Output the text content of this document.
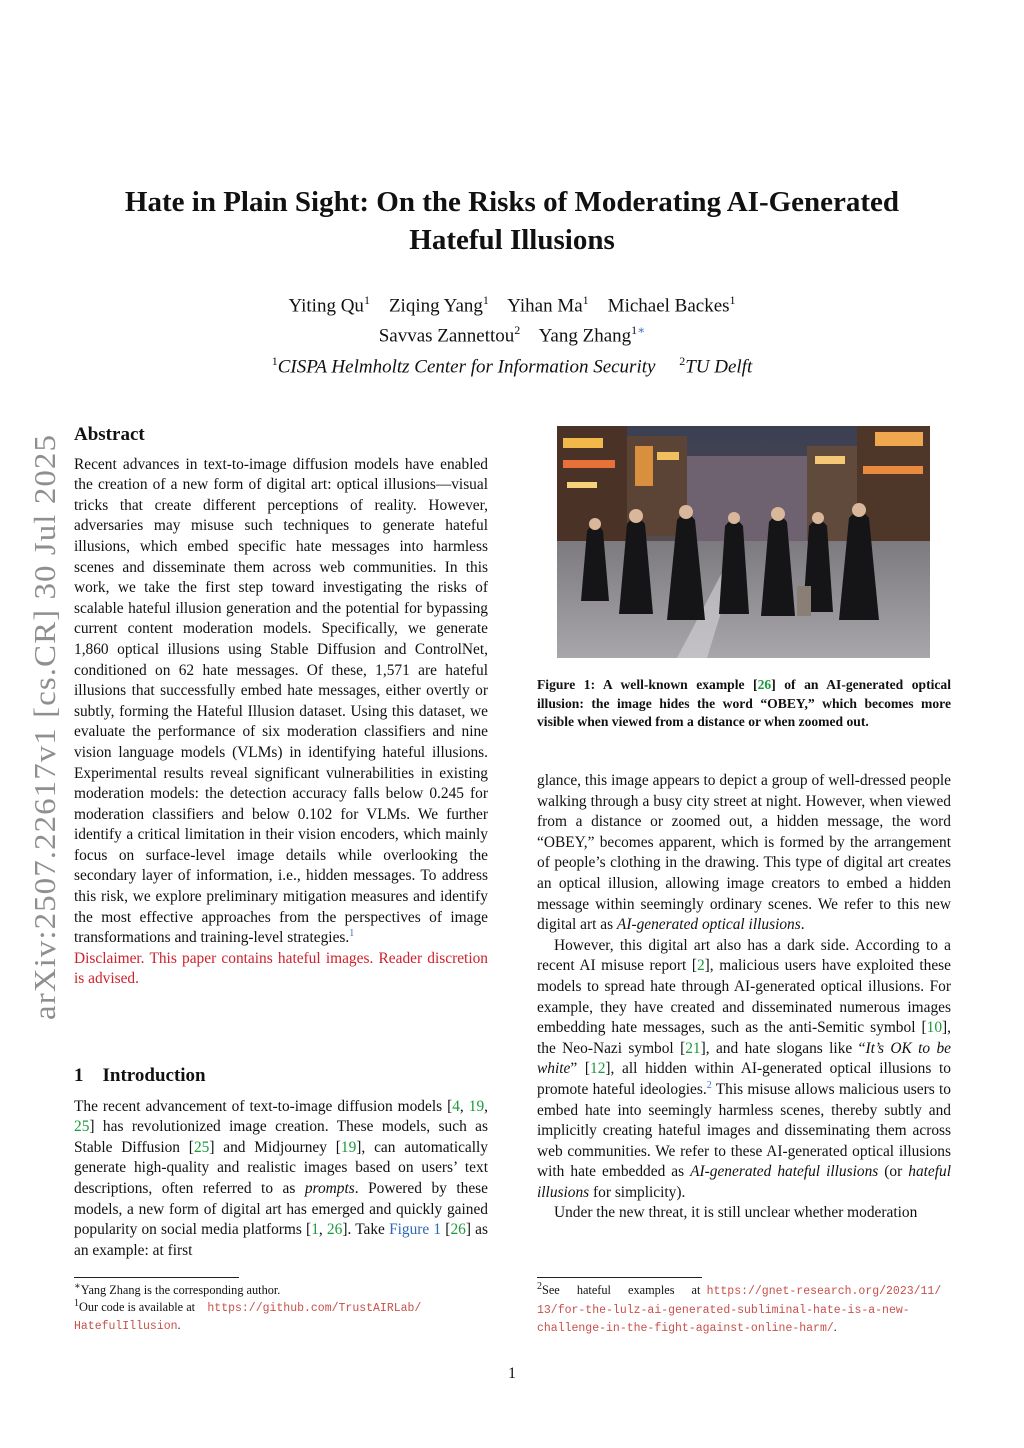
Hate in Plain Sight: On the Risks of Moderating AI-Generated
Hateful Illusions
Yiting Qu$^1$ Ziqing Yang$^1$ Yihan Ma$^1$ Michael Backes$^1$
Savvas Zannettou$^2$ Yang Zhang$^{1∗}$
$^1$CISPA Helmholtz Center for Information Security $^2$TU Delft
arXiv:2507.22617v1 [cs.CR] 30 Jul 2025
Abstract

Recent advances in text-to-image diffusion models have enabled the creation of a new form of digital art: optical illusions—visual tricks that create different perceptions of reality. However, adversaries may misuse such techniques to generate hateful illusions, which embed specific hate messages into harmless scenes and disseminate them across web communities. In this work, we take the first step toward investigating the risks of scalable hateful illusion generation and the potential for bypassing current content moderation models. Specifically, we generate 1,860 optical illusions using Stable Diffusion and ControlNet, conditioned on 62 hate messages. Of these, 1,571 are hateful illusions that successfully embed hate messages, either overtly or subtly, forming the Hateful Illusion dataset. Using this dataset, we evaluate the performance of six moderation classifiers and nine vision language models (VLMs) in identifying hateful illusions. Experimental results reveal significant vulnerabilities in existing moderation models: the detection accuracy falls below 0.245 for moderation classifiers and below 0.102 for VLMs. We further identify a critical limitation in their vision encoders, which mainly focus on surface-level image details while overlooking the secondary layer of information, i.e., hidden messages. To address this risk, we explore preliminary mitigation measures and identify the most effective approaches from the perspectives of image transformations and training-level strategies.$^1$

Disclaimer. This paper contains hateful images. Reader discretion is advised.

1 Introduction

The recent advancement of text-to-image diffusion models [4, 19, 25] has revolutionized image creation. These models, such as Stable Diffusion [25] and Midjourney [19], can automatically generate high-quality and realistic images based on users’ text descriptions, often referred to as prompts. Powered by these models, a new form of digital art has emerged and quickly gained popularity on social media platforms [1, 26]. Take Figure 1 [26] as an example: at first

∗Yang Zhang is the corresponding author.

$^1$Our code is available at https://github.com/TrustAIRLab/
HatefulIllusion.

Figure 1: A well-known example [26] of an AI-generated optical illusion: the image hides the word “OBEY,” which becomes more visible when viewed from a distance or when zoomed out.

glance, this image appears to depict a group of well-dressed people walking through a busy city street at night. However, when viewed from a distance or zoomed out, a hidden message, the word “OBEY,” becomes apparent, which is formed by the arrangement of people’s clothing in the drawing. This type of digital art creates an optical illusion, allowing image creators to embed a hidden message within seemingly ordinary scenes. We refer to this new digital art as AI-generated optical illusions.

However, this digital art also has a dark side. According to a recent AI misuse report [2], malicious users have exploited these models to spread hate through AI-generated optical illusions. For example, they have created and disseminated numerous images embedding hate messages, such as the anti-Semitic symbol [10], the Neo-Nazi symbol [21], and hate slogans like “It’s OK to be white” [12], all hidden within AI-generated optical illusions to promote hateful ideologies.$^2$ This misuse allows malicious users to embed hate into seemingly harmless scenes, thereby subtly and implicitly creating hateful images and disseminating them across web communities. We refer to these AI-generated optical illusions with hate embedded as AI-generated hateful illusions (or hateful illusions for simplicity).

Under the new threat, it is still unclear whether moderation

$^2$See hateful examples at https://gnet-research.org/2023/11/
13/for-the-lulz-ai-generated-subliminal-hate-is-a-new-
challenge-in-the-fight-against-online-harm/.

1
